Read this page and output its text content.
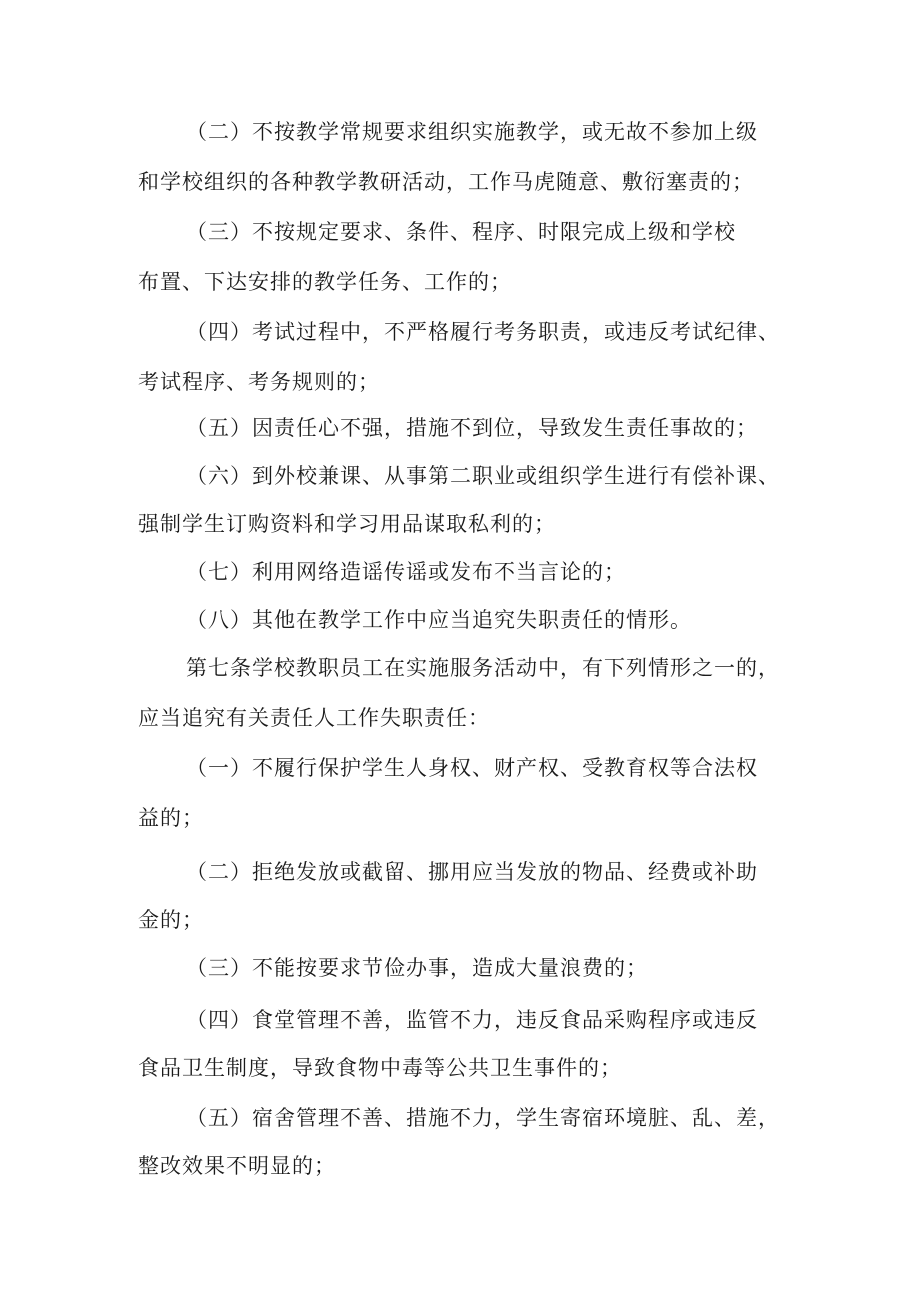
（二）不按教学常规要求组织实施教学，或无故不参加上级
和学校组织的各种教学教研活动，工作马虎随意、敷衍塞责的；
（三）不按规定要求、条件、程序、时限完成上级和学校
布置、下达安排的教学任务、工作的；
（四）考试过程中，不严格履行考务职责，或违反考试纪律、
考试程序、考务规则的；
（五）因责任心不强，措施不到位，导致发生责任事故的；
（六）到外校兼课、从事第二职业或组织学生进行有偿补课、
强制学生订购资料和学习用品谋取私利的；
（七）利用网络造谣传谣或发布不当言论的；
（八）其他在教学工作中应当追究失职责任的情形。
第七条学校教职员工在实施服务活动中，有下列情形之一的，
应当追究有关责任人工作失职责任：
（一）不履行保护学生人身权、财产权、受教育权等合法权
益的；
（二）拒绝发放或截留、挪用应当发放的物品、经费或补助
金的；
（三）不能按要求节俭办事，造成大量浪费的；
（四）食堂管理不善，监管不力，违反食品采购程序或违反
食品卫生制度，导致食物中毒等公共卫生事件的；
（五）宿舍管理不善、措施不力，学生寄宿环境脏、乱、差，
整改效果不明显的；
